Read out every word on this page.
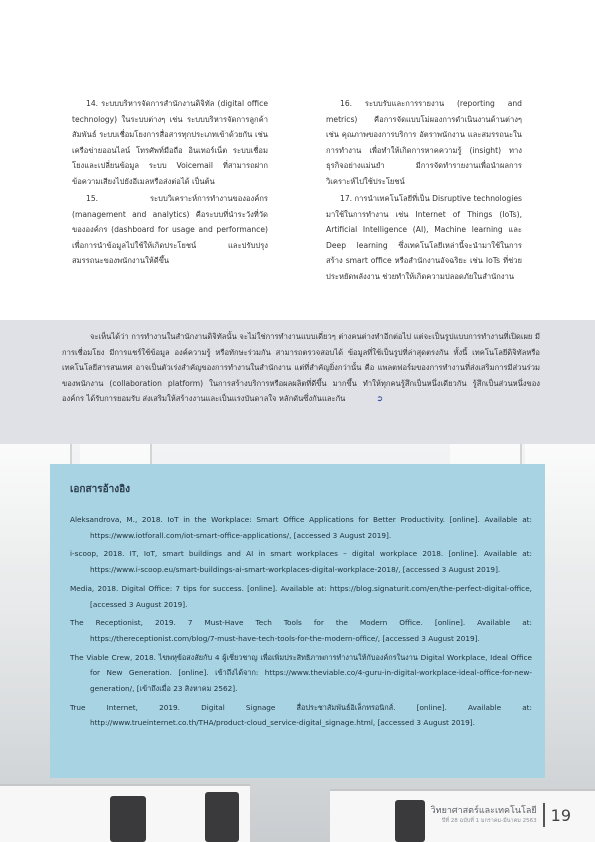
14. ระบบบริหารจัดการสำนักงานดิจิทัล (digital office technology) ในระบบต่างๆ เช่น ระบบบริหารจัดการลูกค้าสัมพันธ์ ระบบเชื่อมโยงการสื่อสารทุกประเภทเข้าด้วยกัน เช่น เครือข่ายออนไลน์ โทรศัพท์มือถือ อินเทอร์เน็ต ระบบเชื่อมโยงและเปลี่ยนข้อมูล ระบบ Voicemail ที่สามารถฝากข้อความเสียงไปยังอีเมลหรือส่งต่อได้ เป็นต้น

15. ระบบวิเคราะห์การทำงานขององค์กร (management and analytics) คือระบบที่นำระวังที่วัดขององค์กร (dashboard for usage and performance) เพื่อการนำข้อมูลไปใช้ให้เกิดประโยชน์ และปรับปรุงสมรรถนะของพนักงานให้ดีขึ้น

16. ระบบรับและการรายงาน (reporting and metrics) คือการจัดแบบโม่ผองการดำเนินงานด้านต่างๆ เช่น คุณภาพของการบริการ อัตราพนักงาน และสมรรถนะในการทำงาน เพื่อทำให้เกิดการหาคความรู้ (insight) ทางธุรกิจอย่างแม่นยำ มีการจัดทำรายงานเพื่อนำผลการวิเคราะห์ไปใช้ประโยชน์

17. การนำเทคโนโลยีที่เป็น Disruptive technologies มาใช้ในการทำงาน เช่น Internet of Things (IoTs), Artificial Intelligence (AI), Machine learning และ Deep learning ซึ่งเทคโนโลยีเหล่านี้จะนำมาใช้ในการสร้าง smart office หรือสำนักงานอัจฉริยะ เช่น IoTs ที่ช่วยประหยัดพลังงาน ช่วยทำให้เกิดความปลอดภัยในสำนักงาน

จะเห็นได้ว่า การทำงานในสำนักงานดิจิทัลนั้น จะไม่ใช่การทำงานแบบเดี่ยวๆ ต่างคนต่างทำอีกต่อไป แต่จะเป็นรูปแบบการทำงานที่เปิดเผย มีการเชื่อมโยง มีการแชร์ใช้ข้อมูล องค์ความรู้ หรือทักษะร่วมกัน สามารถตรวจสอบได้ ข้อมูลที่ใช้เป็นรูปที่ล่าสุดตรงกัน ทั้งนี้ เทคโนโลยีดิจิทัลหรือเทคโนโลยีสารสนเทศ อาจเป็นตัวเร่งสำคัญของการทำงานในสำนักงาน แต่ที่สำคัญยิ่งกว่านั้น คือ แพลตฟอร์มของการทำงานที่ส่งเสริมการมีส่วนร่วมของพนักงาน (collaboration platform) ในการสร้างบริการหรือผลผลิตที่ดีขึ้น มากขึ้น ทำให้ทุกคนรู้สึกเป็นหนึ่งเดียวกัน รู้สึกเป็นส่วนหนึ่งขององค์กร ได้รับการยอมรับ ส่งเสริมให้สร้างงานและเป็นแรงบันดาลใจ หลักดันซึ่งกันและกัน	➲

เอกสารอ้างอิง
Aleksandrova, M., 2018. IoT in the Workplace: Smart Office Applications for Better Productivity. [online]. Available at: https://www.iotforall.com/iot-smart-office-applications/, [accessed 3 August 2019].
i-scoop, 2018. IT, IoT, smart buildings and AI in smart workplaces – digital workplace 2018. [online]. Available at: https://www.i-scoop.eu/smart-buildings-ai-smart-workplaces-digital-workplace-2018/, [accessed 3 August 2019].
Media, 2018. Digital Office: 7 tips for success. [online]. Available at: https://blog.signaturit.com/en/the-perfect-digital-office, [accessed 3 August 2019].
The Receptionist, 2019. 7 Must-Have Tech Tools for the Modern Office. [online]. Available at: https://thereceptionist.com/blog/7-must-have-tech-tools-for-the-modern-office/, [accessed 3 August 2019].
The Viable Crew, 2018. ไขพหุข้อสงสัยกับ 4 ผู้เชี่ยวชาญ เพื่อเพิ่มประสิทธิภาพการทำงานให้กับองค์กรในงาน Digital Workplace, Ideal Office for New Generation. [online]. เข้าถึงได้จาก: https://www.theviable.co/4-guru-in-digital-workplace-ideal-office-for-new-generation/, [เข้าถึงเมื่อ 23 สิงหาคม 2562].
True Internet, 2019. Digital Signage สื่อประชาสัมพันธ์อิเล็กทรอนิกส์. [online]. Available at: http://www.trueinternet.co.th/THA/product-cloud_service-digital_signage.html, [accessed 3 August 2019].
วิทยาศาสตร์และเทคโนโลยี
ปีที่ 28 ฉบับที่ 1 มกราคม-มีนาคม 2563 19
